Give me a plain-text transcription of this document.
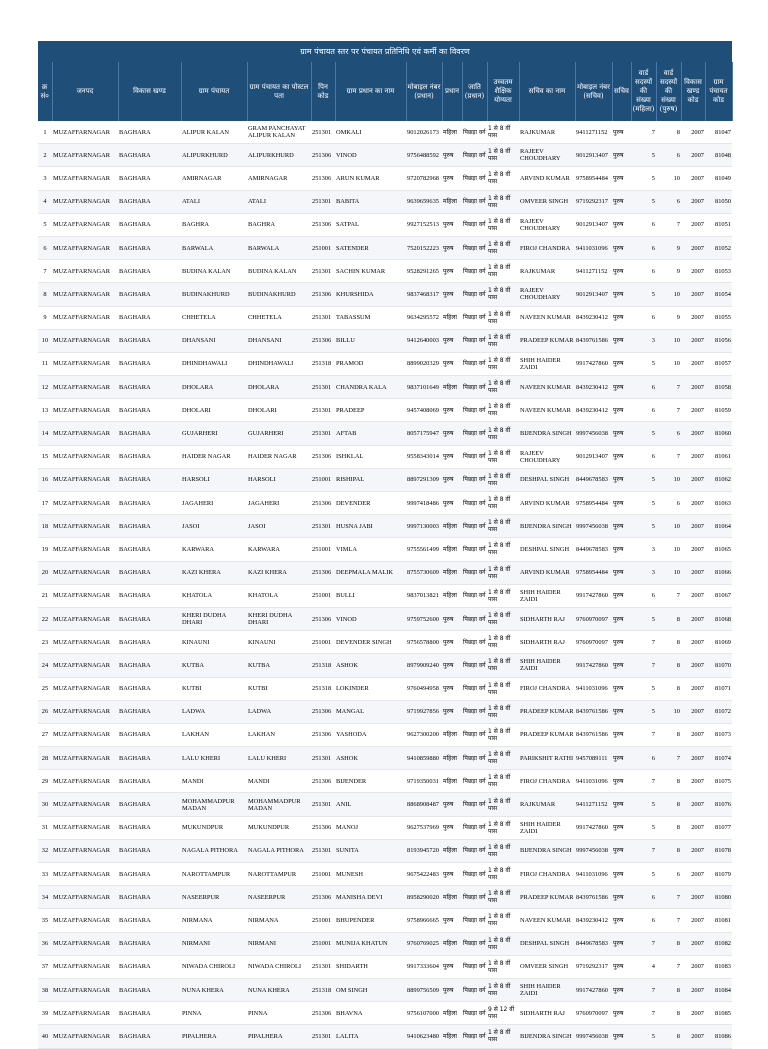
ग्राम पंचायत स्तर पर पंचायत प्रतिनिधि एवं कर्मी का विवरण
क्र सं०	जनपद	विकास खण्ड	ग्राम पंचायत	ग्राम पंचायत का पोस्टल पता	पिन कोड	ग्राम प्रधान का नाम	मोबाइल नंबर (प्रधान)	प्रधान	जाति (प्रधान)	उच्चतम शैक्षिक योग्यता	सचिव का नाम	मोबाइल नंबर (सचिव)	सचिव	वार्ड सदस्यों की संख्या (महिला)	वार्ड सदस्यों की संख्या (पुरुष)	विकास खण्ड कोड	ग्राम पंचायत कोड
1	MUZAFFARNAGAR	BAGHARA	ALIPUR KALAN	GRAM PANCHAYAT ALIPUR KALAN	251301	OMKALI	9012026173	महिला	पिछड़ा वर्ग	1 से 8 वीं पास	RAJKUMAR	9411271152	पुरुष	7	8	2007	81047
2	MUZAFFARNAGAR	BAGHARA	ALIPURKHURD	ALIPURKHURD	251306	VINOD	9756488592	पुरुष	पिछड़ा वर्ग	1 से 8 वीं पास	RAJEEV CHOUDHARY	9012913407	पुरुष	5	6	2007	81048
3	MUZAFFARNAGAR	BAGHARA	AMIRNAGAR	AMIRNAGAR	251306	ARUN KUMAR	9720782968	पुरुष	पिछड़ा वर्ग	1 से 8 वीं पास	ARVIND KUMAR	9758954484	पुरुष	5	10	2007	81049
4	MUZAFFARNAGAR	BAGHARA	ATALI	ATALI	251301	BABITA	9639659635	महिला	पिछड़ा वर्ग	1 से 8 वीं पास	OMVEER SINGH	9719292317	पुरुष	5	6	2007	81050
5	MUZAFFARNAGAR	BAGHARA	BAGHRA	BAGHRA	251306	SATPAL	9927152513	पुरुष	पिछड़ा वर्ग	1 से 8 वीं पास	RAJEEV CHOUDHARY	9012913407	पुरुष	6	7	2007	81051
6	MUZAFFARNAGAR	BAGHARA	BARWALA	BARWALA	251001	SATENDER	7520152223	पुरुष	पिछड़ा वर्ग	1 से 8 वीं पास	FIROJ CHANDRA	9411031096	पुरुष	6	9	2007	81052
7	MUZAFFARNAGAR	BAGHARA	BUDINA KALAN	BUDINA KALAN	251301	SACHIN KUMAR	9528291265	पुरुष	पिछड़ा वर्ग	1 से 8 वीं पास	RAJKUMAR	9411271152	पुरुष	6	9	2007	81053
8	MUZAFFARNAGAR	BAGHARA	BUDINAKHURD	BUDINAKHURD	251306	KHURSHIDA	9837468317	पुरुष	पिछड़ा वर्ग	1 से 8 वीं पास	RAJEEV CHOUDHARY	9012913407	पुरुष	5	10	2007	81054
9	MUZAFFARNAGAR	BAGHARA	CHHETELA	CHHETELA	251301	TABASSUM	9634295572	महिला	पिछड़ा वर्ग	1 से 8 वीं पास	NAVEEN KUMAR	8439230412	पुरुष	6	9	2007	81055
10	MUZAFFARNAGAR	BAGHARA	DHANSANI	DHANSANI	251306	BILLU	9412640003	पुरुष	पिछड़ा वर्ग	1 से 8 वीं पास	PRADEEP KUMAR	8439761586	पुरुष	3	10	2007	81056
11	MUZAFFARNAGAR	BAGHARA	DHINDHAWALI	DHINDHAWALI	251318	PRAMOD	8899020329	पुरुष	पिछड़ा वर्ग	1 से 8 वीं पास	SHIH HAIDER ZAIDI	9917427860	पुरुष	5	10	2007	81057
12	MUZAFFARNAGAR	BAGHARA	DHOLARA	DHOLARA	251301	CHANDRA KALA	9837101649	महिला	पिछड़ा वर्ग	1 से 8 वीं पास	NAVEEN KUMAR	8439230412	पुरुष	6	7	2007	81058
13	MUZAFFARNAGAR	BAGHARA	DHOLARI	DHOLARI	251301	PRADEEP	9457408069	पुरुष	पिछड़ा वर्ग	1 से 8 वीं पास	NAVEEN KUMAR	8439230412	पुरुष	6	7	2007	81059
14	MUZAFFARNAGAR	BAGHARA	GUJARHERI	GUJARHERI	251301	AFTAB	8057175947	पुरुष	पिछड़ा वर्ग	1 से 8 वीं पास	BIJENDRA SINGH	9997456038	पुरुष	5	6	2007	81060
15	MUZAFFARNAGAR	BAGHARA	HAIDER NAGAR	HAIDER NAGAR	251306	ISHKLAL	9558343014	पुरुष	पिछड़ा वर्ग	1 से 8 वीं पास	RAJEEV CHOUDHARY	9012913407	पुरुष	6	7	2007	81061
16	MUZAFFARNAGAR	BAGHARA	HARSOLI	HARSOLI	251001	RISHIPAL	8897291309	पुरुष	पिछड़ा वर्ग	1 से 8 वीं पास	DESHPAL SINGH	8449678583	पुरुष	5	10	2007	81062
17	MUZAFFARNAGAR	BAGHARA	JAGAHERI	JAGAHERI	251306	DEVENDER	9997418486	पुरुष	पिछड़ा वर्ग	1 से 8 वीं पास	ARVIND KUMAR	9758954484	पुरुष	5	6	2007	81063
18	MUZAFFARNAGAR	BAGHARA	JASOI	JASOI	251301	HUSNA JABI	9997130003	महिला	पिछड़ा वर्ग	1 से 8 वीं पास	BIJENDRA SINGH	9997456038	पुरुष	5	10	2007	81064
19	MUZAFFARNAGAR	BAGHARA	KARWARA	KARWARA	251001	VIMLA	9755561499	महिला	पिछड़ा वर्ग	1 से 8 वीं पास	DESHPAL SINGH	8449678583	पुरुष	3	10	2007	81065
20	MUZAFFARNAGAR	BAGHARA	KAZI KHERA	KAZI KHERA	251306	DEEPMALA MALIK	8755730609	महिला	पिछड़ा वर्ग	1 से 8 वीं पास	ARVIND KUMAR	9758954484	पुरुष	3	10	2007	81066
21	MUZAFFARNAGAR	BAGHARA	KHATOLA	KHATOLA	251001	BULLI	9837013821	महिला	पिछड़ा वर्ग	1 से 8 वीं पास	SHIH HAIDER ZAIDI	9917427860	पुरुष	6	7	2007	81067
22	MUZAFFARNAGAR	BAGHARA	KHERI DUDHA DHARI	KHERI DUDHA DHARI	251306	VINOD	9759752600	पुरुष	पिछड़ा वर्ग	1 से 8 वीं पास	SIDHARTH RAJ	9760970097	पुरुष	5	8	2007	81068
23	MUZAFFARNAGAR	BAGHARA	KINAUNI	KINAUNI	251001	DEVENDER SINGH	9756578800	पुरुष	पिछड़ा वर्ग	1 से 8 वीं पास	SIDHARTH RAJ	9760970097	पुरुष	7	8	2007	81069
24	MUZAFFARNAGAR	BAGHARA	KUTBA	KUTBA	251318	ASHOK	8979909240	पुरुष	पिछड़ा वर्ग	1 से 8 वीं पास	SHIH HAIDER ZAIDI	9917427860	पुरुष	7	8	2007	81070
25	MUZAFFARNAGAR	BAGHARA	KUTBI	KUTBI	251318	LOKINDER	9760494958	पुरुष	पिछड़ा वर्ग	1 से 8 वीं पास	FIROJ CHANDRA	9411031096	पुरुष	5	8	2007	81071
26	MUZAFFARNAGAR	BAGHARA	LADWA	LADWA	251306	MANGAL	9719927856	पुरुष	पिछड़ा वर्ग	1 से 8 वीं पास	PRADEEP KUMAR	8439761586	पुरुष	5	10	2007	81072
27	MUZAFFARNAGAR	BAGHARA	LAKHAN	LAKHAN	251306	YASHODA	9627300200	महिला	पिछड़ा वर्ग	1 से 8 वीं पास	PRADEEP KUMAR	8439761586	पुरुष	7	8	2007	81073
28	MUZAFFARNAGAR	BAGHARA	LALU KHERI	LALU KHERI	251301	ASHOK	9410859880	महिला	पिछड़ा वर्ग	1 से 8 वीं पास	PARIKSHIT RATHI	9457089111	पुरुष	6	7	2007	81074
29	MUZAFFARNAGAR	BAGHARA	MANDI	MANDI	251306	BIJENDER	9719350031	महिला	पिछड़ा वर्ग	1 से 8 वीं पास	FIROJ CHANDRA	9411031096	पुरुष	7	8	2007	81075
30	MUZAFFARNAGAR	BAGHARA	MOHAMMADPUR MADAN	MOHAMMADPUR MADAN	251301	ANIL	8868908487	पुरुष	पिछड़ा वर्ग	1 से 8 वीं पास	RAJKUMAR	9411271152	पुरुष	5	8	2007	81076
31	MUZAFFARNAGAR	BAGHARA	MUKUNDPUR	MUKUNDPUR	251306	MANOJ	9627537969	पुरुष	पिछड़ा वर्ग	1 से 8 वीं पास	SHIH HAIDER ZAIDI	9917427860	पुरुष	5	8	2007	81077
32	MUZAFFARNAGAR	BAGHARA	NAGALA PITHORA	NAGALA PITHORA	251301	SUNITA	8193945720	महिला	पिछड़ा वर्ग	1 से 8 वीं पास	BIJENDRA SINGH	9997456038	पुरुष	7	8	2007	81078
33	MUZAFFARNAGAR	BAGHARA	NAROTTAMPUR	NAROTTAMPUR	251001	MUNESH	9675422483	पुरुष	पिछड़ा वर्ग	1 से 8 वीं पास	FIROJ CHANDRA	9411031096	पुरुष	5	6	2007	81079
34	MUZAFFARNAGAR	BAGHARA	NASEERPUR	NASEERPUR	251306	MANISHA DEVI	8958290020	महिला	पिछड़ा वर्ग	1 से 8 वीं पास	PRADEEP KUMAR	8439761586	पुरुष	6	7	2007	81080
35	MUZAFFARNAGAR	BAGHARA	NIRMANA	NIRMANA	251001	BHUPENDER	9758966665	पुरुष	पिछड़ा वर्ग	1 से 8 वीं पास	NAVEEN KUMAR	8439230412	पुरुष	6	7	2007	81081
36	MUZAFFARNAGAR	BAGHARA	NIRMANI	NIRMANI	251001	MUNIJA KHATUN	9760769025	महिला	पिछड़ा वर्ग	1 से 8 वीं पास	DESHPAL SINGH	8449678583	पुरुष	7	8	2007	81082
37	MUZAFFARNAGAR	BAGHARA	NIWADA CHIROLI	NIWADA CHIROLI	251301	SHIDARTH	9917333604	पुरुष	पिछड़ा वर्ग	1 से 8 वीं पास	OMVEER SINGH	9719292317	पुरुष	4	7	2007	81083
38	MUZAFFARNAGAR	BAGHARA	NUNA KHERA	NUNA KHERA	251318	OM SINGH	8899756509	पुरुष	पिछड़ा वर्ग	1 से 8 वीं पास	SHIH HAIDER ZAIDI	9917427860	पुरुष	7	8	2007	81084
39	MUZAFFARNAGAR	BAGHARA	PINNA	PINNA	251306	BHAVNA	9756107000	महिला	पिछड़ा वर्ग	9 से 12 वीं पास	SIDHARTH RAJ	9760970097	पुरुष	7	8	2007	81085
40	MUZAFFARNAGAR	BAGHARA	PIPALHERA	PIPALHERA	251301	LALITA	9410623480	महिला	पिछड़ा वर्ग	1 से 8 वीं पास	BIJENDRA SINGH	9997456038	पुरुष	5	8	2007	81086
